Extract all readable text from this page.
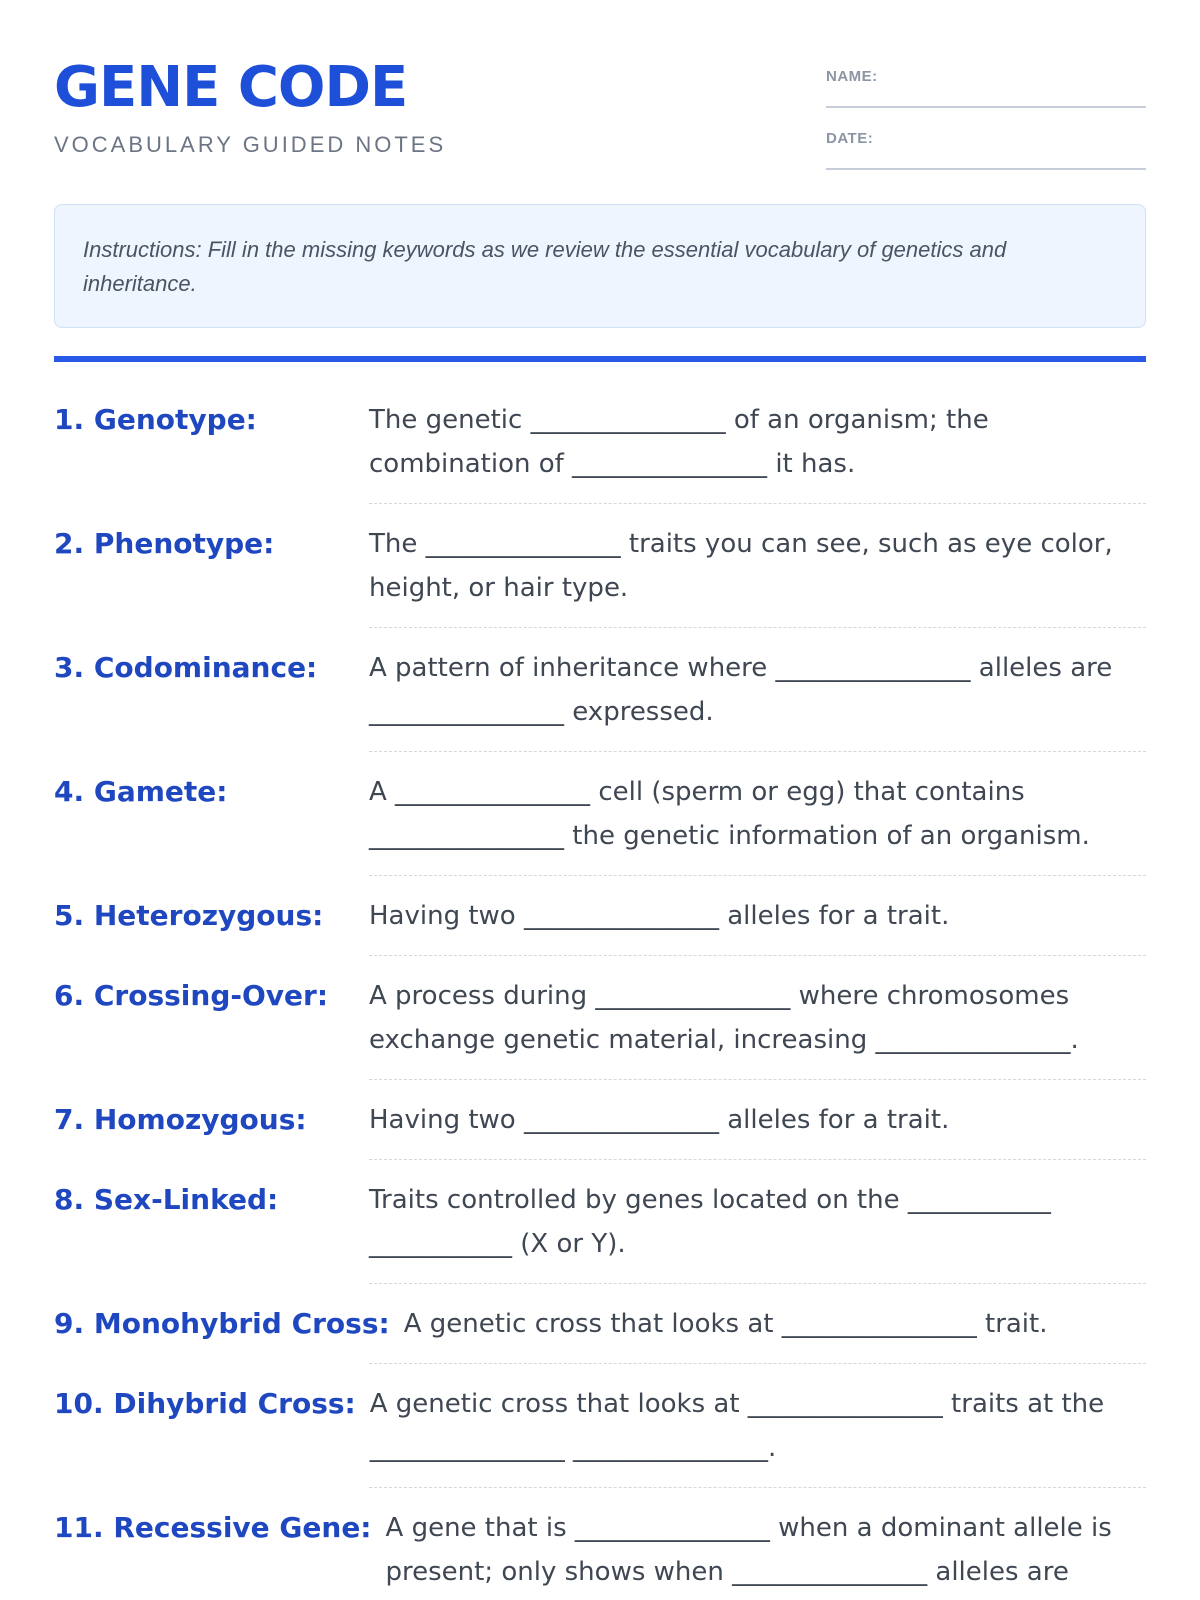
GENE CODE
VOCABULARY GUIDED NOTES
NAME:
DATE:

Instructions: Fill in the missing keywords as we review the essential vocabulary of genetics and inheritance.

1. Genotype:	The genetic _______________ of an organism; the combination of _______________ it has.
2. Phenotype:	The _______________ traits you can see, such as eye color, height, or hair type.
3. Codominance:	A pattern of inheritance where _______________ alleles are _______________ expressed.
4. Gamete:	A _______________ cell (sperm or egg) that contains _______________ the genetic information of an organism.
5. Heterozygous:	Having two _______________ alleles for a trait.
6. Crossing-Over:	A process during _______________ where chromosomes exchange genetic material, increasing _______________.
7. Homozygous:	Having two _______________ alleles for a trait.
8. Sex-Linked:	Traits controlled by genes located on the ___________ ___________ (X or Y).
9. Monohybrid Cross: A genetic cross that looks at _______________ trait.
10. Dihybrid Cross: A genetic cross that looks at _______________ traits at the _______________ _______________.
11. Recessive Gene: A gene that is _______________ when a dominant allele is present; only shows when _______________ alleles are
